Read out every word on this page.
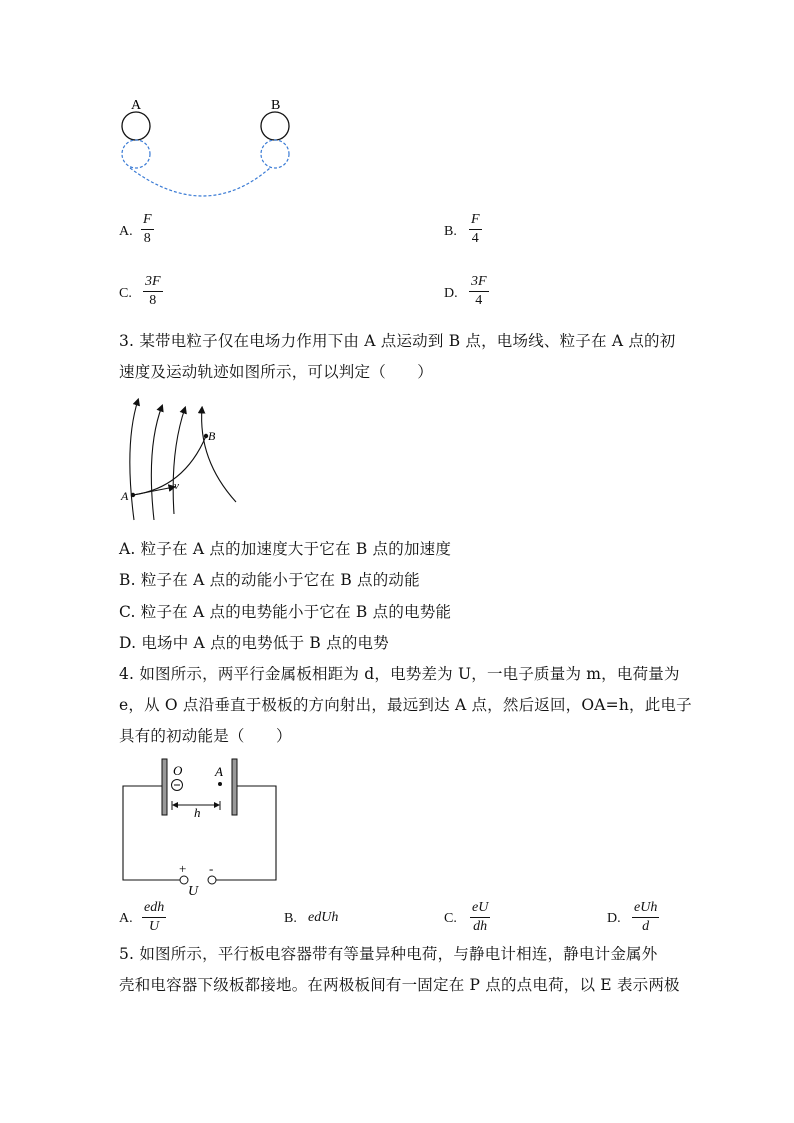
A	B
A. $\frac{F}{8}$	B. $\frac{F}{4}$
C. $\frac{3F}{8}$	D. $\frac{3F}{4}$
3. 某带电粒子仅在电场力作用下由 A 点运动到 B 点，电场线、粒子在 A 点的初
速度及运动轨迹如图所示，可以判定（　　）
A
B
v
A. 粒子在 A 点的加速度大于它在 B 点的加速度
B. 粒子在 A 点的动能小于它在 B 点的动能
C. 粒子在 A 点的电势能小于它在 B 点的电势能
D. 电场中 A 点的电势低于 B 点的电势
4. 如图所示，两平行金属板相距为 d，电势差为 U，一电子质量为 m，电荷量为
e，从 O 点沿垂直于极板的方向射出，最远到达 A 点，然后返回，OA=h，此电子
具有的初动能是（　　）
O	A
h
+ -
U
A.
edh
U
B. edUh	C. $\frac{eU}{dh}$	D.
eUh
d
5. 如图所示，平行板电容器带有等量异种电荷，与静电计相连，静电计金属外
壳和电容器下级板都接地。在两极板间有一固定在 P 点的点电荷，以 E 表示两极
